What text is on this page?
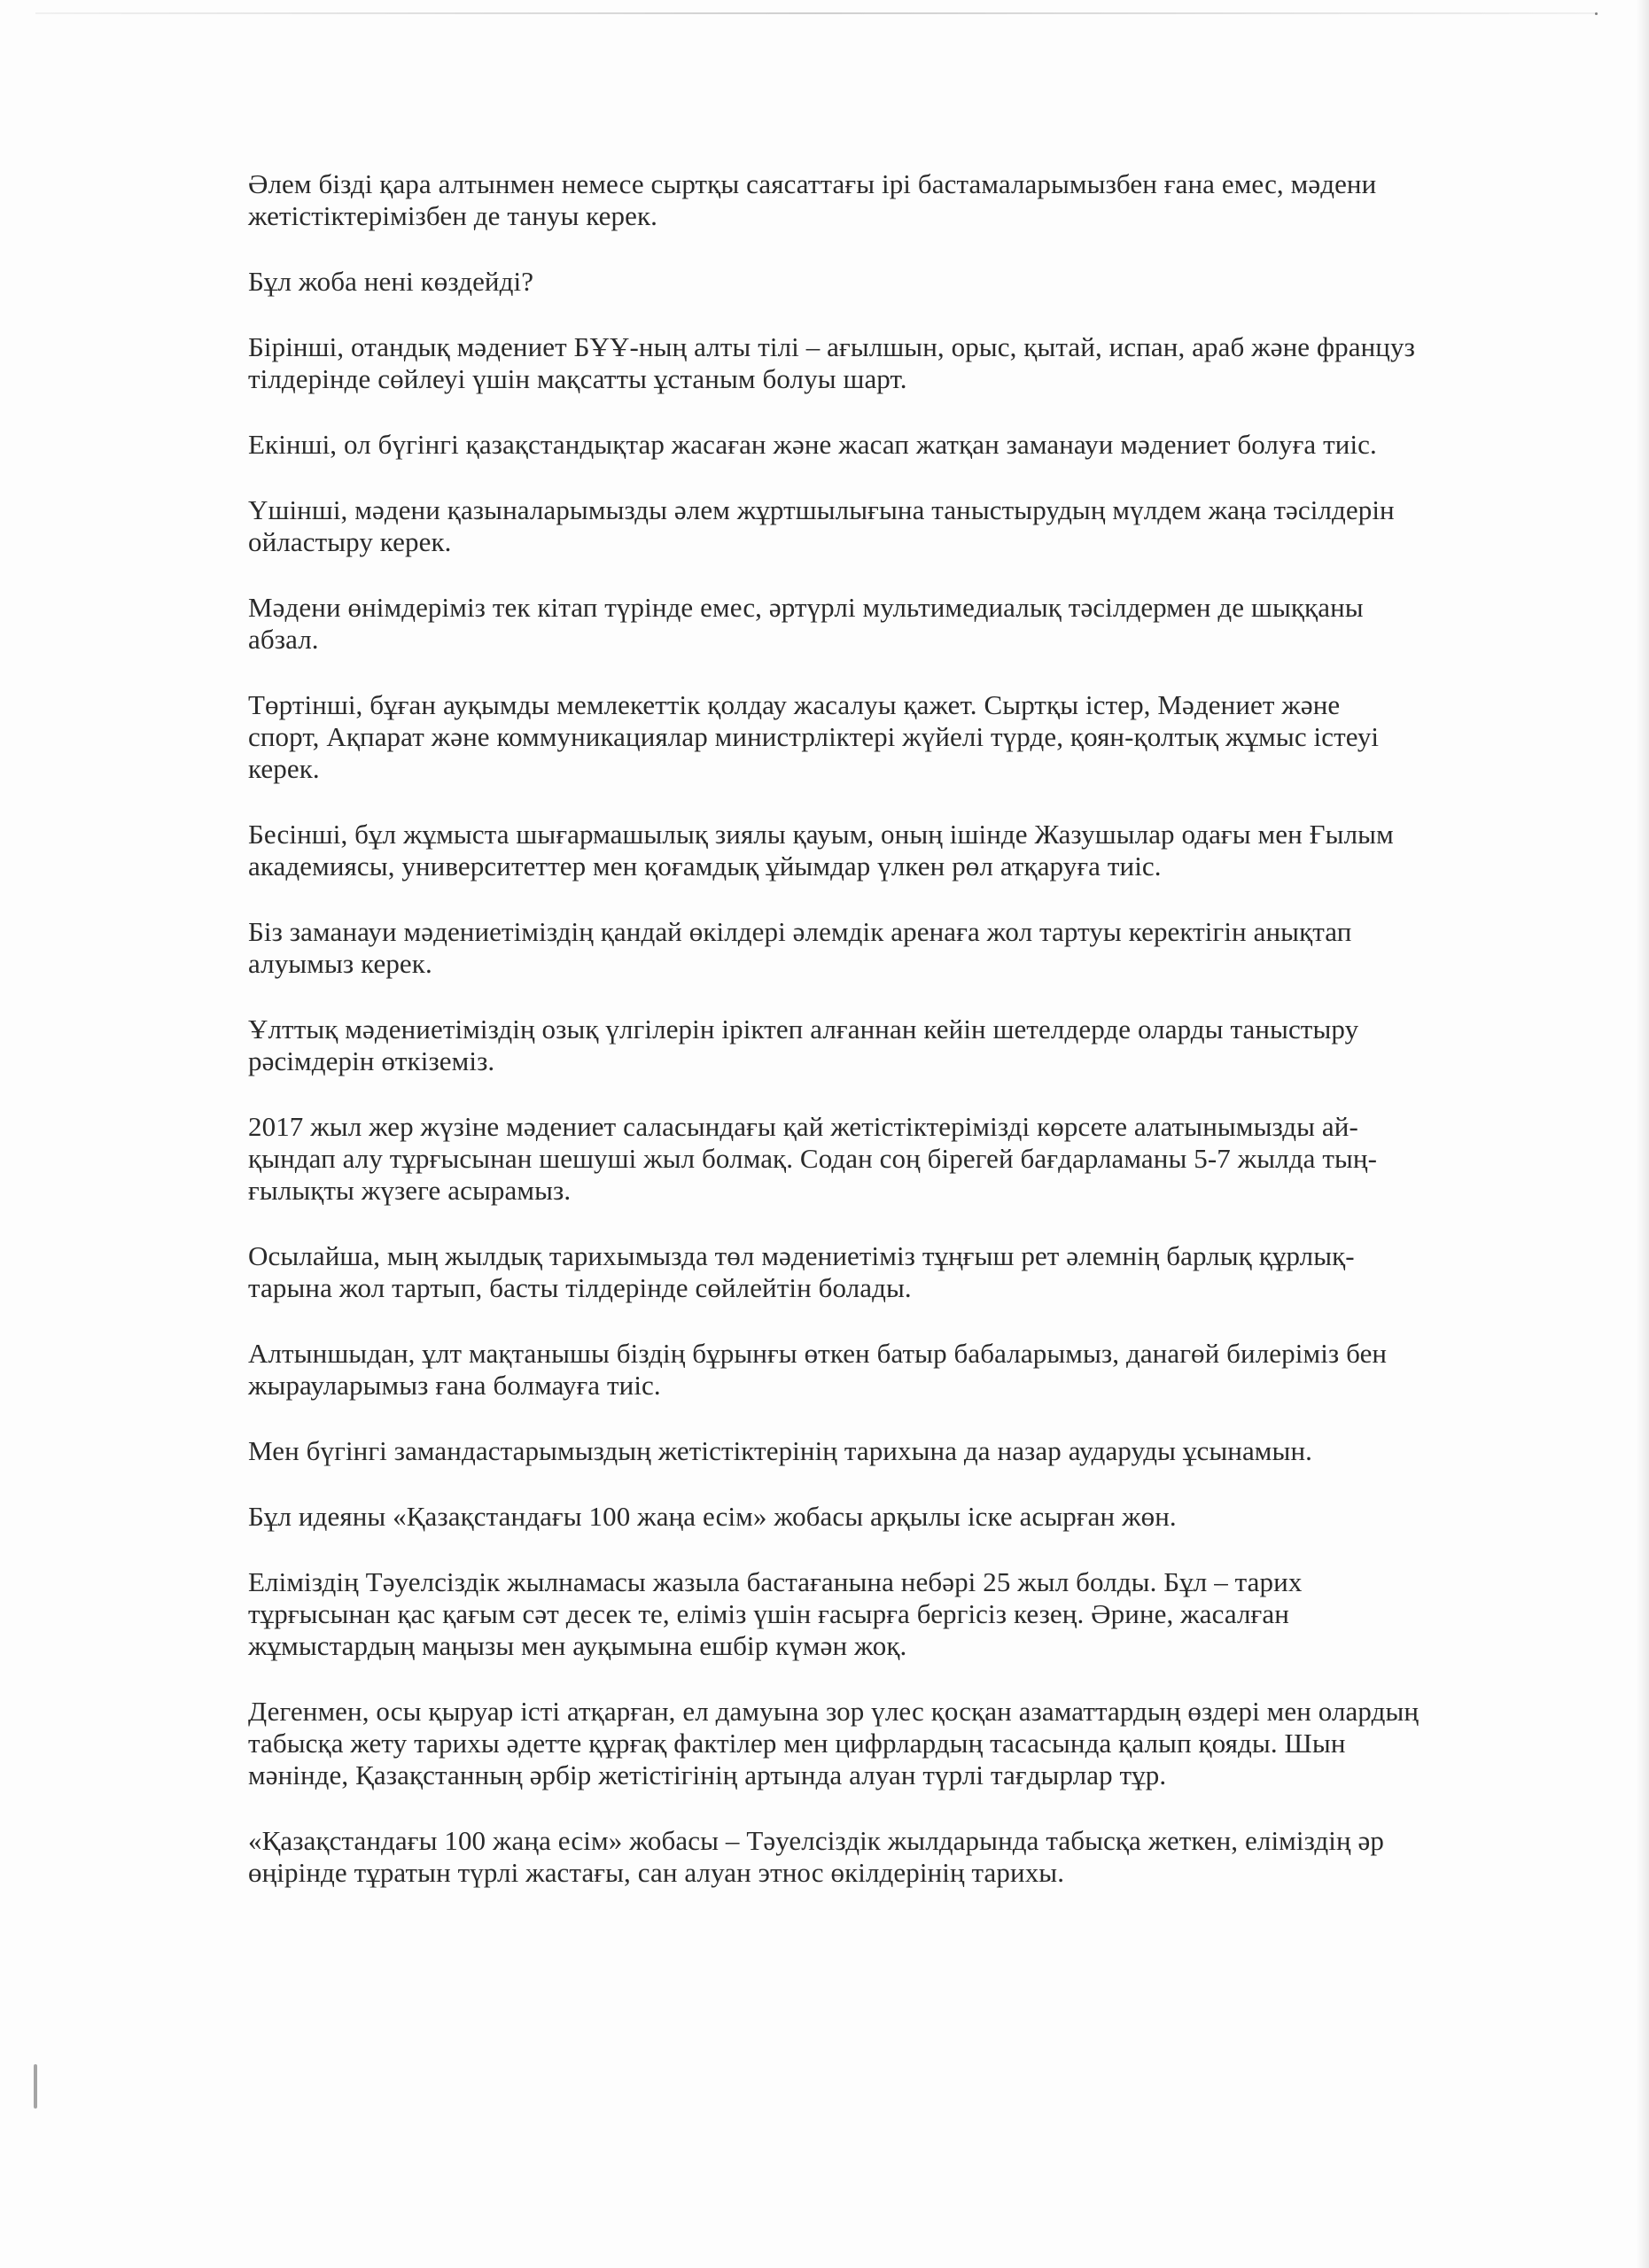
Әлем бізді қара алтынмен немесе сыртқы саясаттағы ірі бастамаларымызбен ғана емес, мәдени
жетістіктерімізбен де тануы керек.

Бұл жоба нені көздейді?

Бірінші, отандық мәдениет БҰҰ-ның алты тілі – ағылшын, орыс, қытай, испан, араб және француз
тілдерінде сөйлеуі үшін мақсатты ұстаным болуы шарт.

Екінші, ол бүгінгі қазақстандықтар жасаған және жасап жатқан заманауи мәдениет болуға тиіс.

Үшінші, мәдени қазыналарымызды әлем жұртшылығына таныстырудың мүлдем жаңа тәсілдерін
ойластыру керек.

Мәдени өнімдеріміз тек кітап түрінде емес, әртүрлі мультимедиалық тәсілдермен де шыққаны
абзал.

Төртінші, бұған ауқымды мемлекеттік қолдау жасалуы қажет. Сыртқы істер, Мәдениет және
спорт, Ақпарат және коммуникациялар министрліктері жүйелі түрде, қоян-қолтық жұмыс істеуі
керек.

Бесінші, бұл жұмыста шығармашылық зиялы қауым, оның ішінде Жазушылар одағы мен Ғылым
академиясы, университеттер мен қоғамдық ұйымдар үлкен рөл атқаруға тиіс.

Біз заманауи мәдениетіміздің қандай өкілдері әлемдік аренаға жол тартуы керектігін анықтап
алуымыз керек.

Ұлттық мәдениетіміздің озық үлгілерін іріктеп алғаннан кейін шетелдерде оларды таныстыру
рәсімдерін өткіземіз.

2017 жыл жер жүзіне мәдениет саласындағы қай жетістіктерімізді көрсете алатынымызды ай-
қындап алу тұрғысынан шешуші жыл болмақ. Содан соң бірегей бағдарламаны 5-7 жылда тың-
ғылықты жүзеге асырамыз.

Осылайша, мың жылдық тарихымызда төл мәдениетіміз тұңғыш рет әлемнің барлық құрлық-
тарына жол тартып, басты тілдерінде сөйлейтін болады.

Алтыншыдан, ұлт мақтанышы біздің бұрынғы өткен батыр бабаларымыз, данагөй билеріміз бен
жырауларымыз ғана болмауға тиіс.

Мен бүгінгі замандастарымыздың жетістіктерінің тарихына да назар аударуды ұсынамын.

Бұл идеяны «Қазақстандағы 100 жаңа есім» жобасы арқылы іске асырған жөн.

Еліміздің Тәуелсіздік жылнамасы жазыла бастағанына небәрі 25 жыл болды. Бұл – тарих
тұрғысынан қас қағым сәт десек те, еліміз үшін ғасырға бергісіз кезең. Әрине, жасалған
жұмыстардың маңызы мен ауқымына ешбір күмән жоқ.

Дегенмен, осы қыруар істі атқарған, ел дамуына зор үлес қосқан азаматтардың өздері мен олардың
табысқа жету тарихы әдетте құрғақ фактілер мен цифрлардың тасасында қалып қояды. Шын
мәнінде, Қазақстанның әрбір жетістігінің артында алуан түрлі тағдырлар тұр.

«Қазақстандағы 100 жаңа есім» жобасы – Тәуелсіздік жылдарында табысқа жеткен, еліміздің әр
өңірінде тұратын түрлі жастағы, сан алуан этнос өкілдерінің тарихы.
